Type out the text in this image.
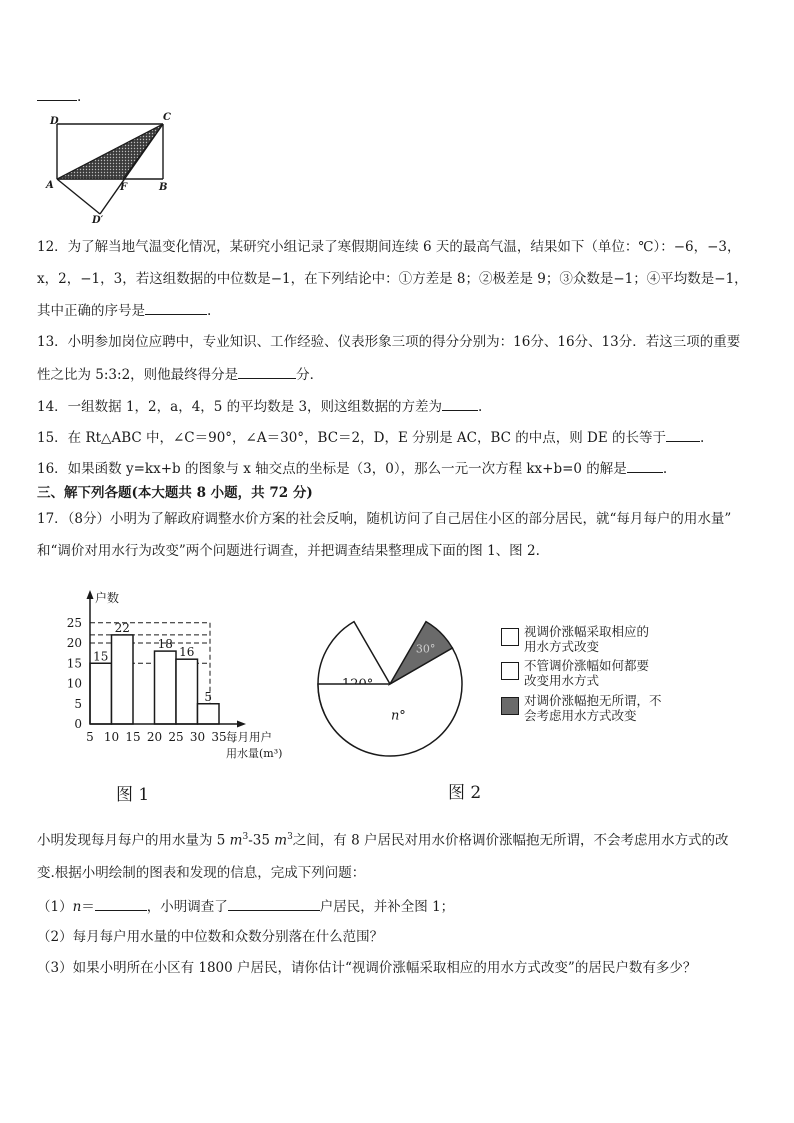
.
D	C
A	F	B
D′
12．为了解当地气温变化情况，某研究小组记录了寒假期间连续 6 天的最高气温，结果如下（单位：℃）：−6，−3，
x，2，−1，3，若这组数据的中位数是−1，在下列结论中：①方差是 8；②极差是 9；③众数是−1；④平均数是−1，
其中正确的序号是	.
13．小明参加岗位应聘中，专业知识、工作经验、仪表形象三项的得分分别为：16分、16分、13分．若这三项的重要
性之比为 5:3:2，则他最终得分是	分．
14．一组数据 1，2，a，4，5 的平均数是 3，则这组数据的方差为	.
15．在 Rt△ABC 中，∠C＝90°，∠A＝30°，BC＝2，D，E 分别是 AC，BC 的中点，则 DE 的长等于	.
16．如果函数 y=kx+b 的图象与 x 轴交点的坐标是（3，0），那么一元一次方程 kx+b=0 的解是	.
三、解下列各题(本大题共 8 小题，共 72 分)
17．（8分）小明为了解政府调整水价方案的社会反响，随机访问了自己居住小区的部分居民，就“每月每户的用水量”
和“调价对用水行为改变”两个问题进行调查，并把调查结果整理成下面的图 1、图 2.
15
22
18
16
5
0
5
10
15
20
25
5 10 15 20 25 30 35
户数
每月用户
用水量(m³)
图 1
n°
30°
图 2
视调价涨幅采取相应的
用水方式改变
不管调价涨幅如何都要
改变用水方式
对调价涨幅抱无所谓，不
会考虑用水方式改变
小明发现每月每户的用水量为 5 $m^3-35$ $m^3$之间，有 8 户居民对用水价格调价涨幅抱无所谓，不会考虑用水方式的改
变.根据小明绘制的图表和发现的信息，完成下列问题：
（1）n＝	，小明调查了	户居民，并补全图 1；
（2）每月每户用水量的中位数和众数分别落在什么范围？
（3）如果小明所在小区有 1800 户居民，请你估计“视调价涨幅采取相应的用水方式改变”的居民户数有多少？
